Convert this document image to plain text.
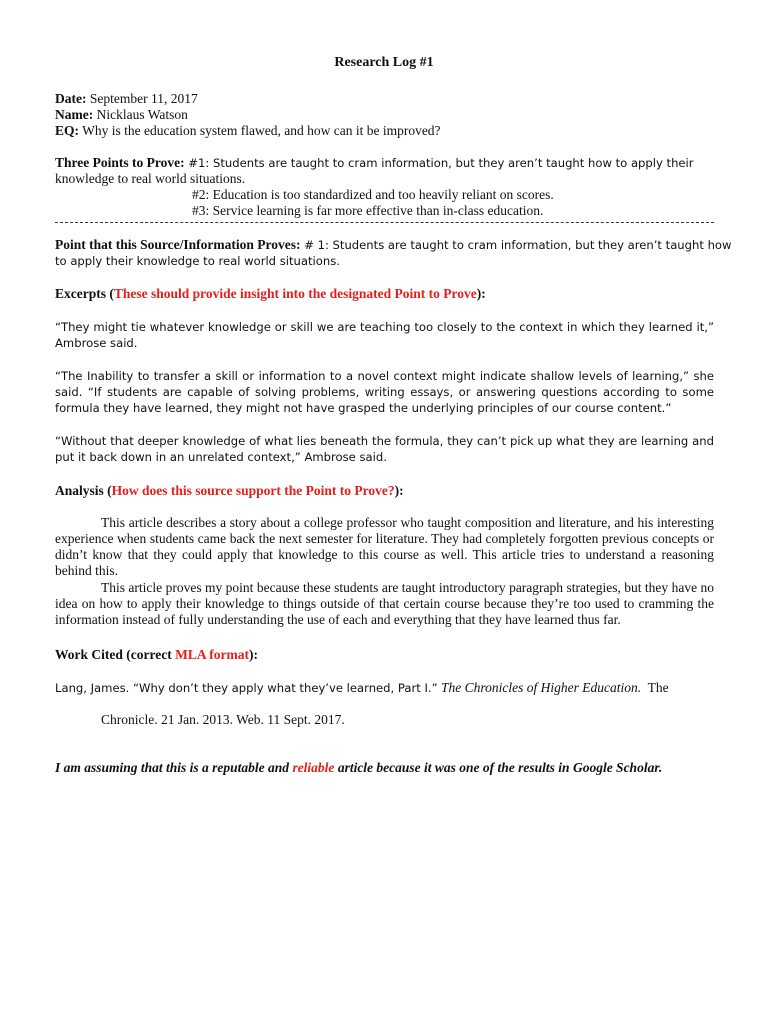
Research Log #1
Date: September 11, 2017
Name: Nicklaus Watson
EQ: Why is the education system flawed, and how can it be improved?
Three Points to Prove: #1: Students are taught to cram information, but they aren’t taught how to apply their
knowledge to real world situations.
#2: Education is too standardized and too heavily reliant on scores.
#3: Service learning is far more effective than in-class education.
Point that this Source/Information Proves: # 1: Students are taught to cram information, but they aren’t taught how
to apply their knowledge to real world situations.
Excerpts (These should provide insight into the designated Point to Prove):
“They might tie whatever knowledge or skill we are teaching too closely to the context in which they learned it,” Ambrose said.
“The Inability to transfer a skill or information to a novel context might indicate shallow levels of learning,” she said. “If students are capable of solving problems, writing essays, or answering questions according to some formula they have learned, they might not have grasped the underlying principles of our course content.”
“Without that deeper knowledge of what lies beneath the formula, they can’t pick up what they are learning and put it back down in an unrelated context,” Ambrose said.
Analysis (How does this source support the Point to Prove?):
This article describes a story about a college professor who taught composition and literature, and his interesting experience when students came back the next semester for literature. They had completely forgotten previous concepts or didn’t know that they could apply that knowledge to this course as well. This article tries to understand a reasoning behind this.
This article proves my point because these students are taught introductory paragraph strategies, but they have no idea on how to apply their knowledge to things outside of that certain course because they’re too used to cramming the information instead of fully understanding the use of each and everything that they have learned thus far.
Work Cited (correct MLA format):
Lang, James. “Why don’t they apply what they’ve learned, Part I.” The Chronicles of Higher Education.  The
Chronicle. 21 Jan. 2013. Web. 11 Sept. 2017.
I am assuming that this is a reputable and reliable article because it was one of the results in Google Scholar.
